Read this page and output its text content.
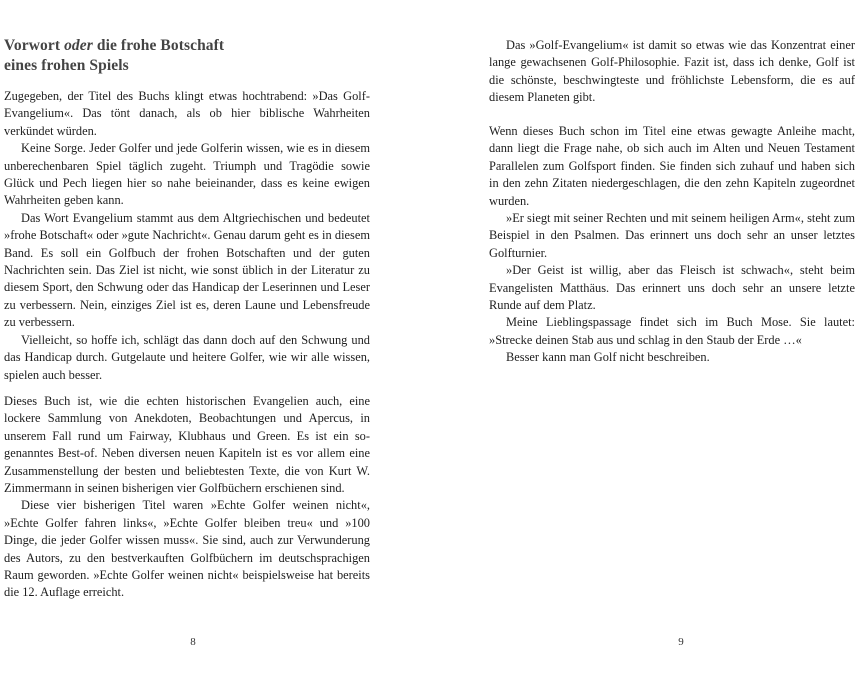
Vorwort oder die frohe Botschaft
eines frohen Spiels

Zugegeben, der Titel des Buchs klingt etwas hochtrabend: »Das Golf-Evangelium«. Das tönt danach, als ob hier biblische Wahrheiten verkündet würden.

Keine Sorge. Jeder Golfer und jede Golferin wissen, wie es in diesem unberechenbaren Spiel täglich zugeht. Triumph und Tragödie sowie Glück und Pech liegen hier so nahe beieinander, dass es keine ewigen Wahrheiten geben kann.

Das Wort Evangelium stammt aus dem Altgriechischen und bedeutet »frohe Botschaft« oder »gute Nachricht«. Genau darum geht es in diesem Band. Es soll ein Golfbuch der frohen Botschaften und der guten Nachrichten sein. Das Ziel ist nicht, wie sonst üblich in der Literatur zu diesem Sport, den Schwung oder das Handicap der Leserinnen und Leser zu verbessern. Nein, einziges Ziel ist es, deren Laune und Lebensfreude zu verbessern.

Vielleicht, so hoffe ich, schlägt das dann doch auf den Schwung und das Handicap durch. Gutgelaute und heitere Golfer, wie wir alle wissen, spielen auch besser.

Dieses Buch ist, wie die echten historischen Evangelien auch, eine lockere Sammlung von Anekdoten, Beobachtungen und Apercus, in unserem Fall rund um Fairway, Klubhaus und Green. Es ist ein sogenanntes Best-of. Neben diversen neuen Kapiteln ist es vor allem eine Zusammenstellung der besten und beliebtesten Texte, die von Kurt W. Zimmermann in seinen bisherigen vier Golfbüchern erschienen sind.

Diese vier bisherigen Titel waren »Echte Golfer weinen nicht«, »Echte Golfer fahren links«, »Echte Golfer bleiben treu« und »100 Dinge, die jeder Golfer wissen muss«. Sie sind, auch zur Verwunderung des Autors, zu den bestverkauften Golfbüchern im deutschsprachigen Raum geworden. »Echte Golfer weinen nicht« beispielsweise hat bereits die 12. Auflage erreicht.

Das »Golf-Evangelium« ist damit so etwas wie das Konzentrat einer lange gewachsenen Golf-Philosophie. Fazit ist, dass ich denke, Golf ist die schönste, beschwingteste und fröhlichste Lebensform, die es auf diesem Planeten gibt.

Wenn dieses Buch schon im Titel eine etwas gewagte Anleihe macht, dann liegt die Frage nahe, ob sich auch im Alten und Neuen Testament Parallelen zum Golfsport finden. Sie finden sich zuhauf und haben sich in den zehn Zitaten niedergeschlagen, die den zehn Kapiteln zugeordnet wurden.

»Er siegt mit seiner Rechten und mit seinem heiligen Arm«, steht zum Beispiel in den Psalmen. Das erinnert uns doch sehr an unser letztes Golfturnier.

»Der Geist ist willig, aber das Fleisch ist schwach«, steht beim Evangelisten Matthäus. Das erinnert uns doch sehr an unsere letzte Runde auf dem Platz.

Meine Lieblingspassage findet sich im Buch Mose. Sie lautet: »Strecke deinen Stab aus und schlag in den Staub der Erde …«

Besser kann man Golf nicht beschreiben.

8	9
